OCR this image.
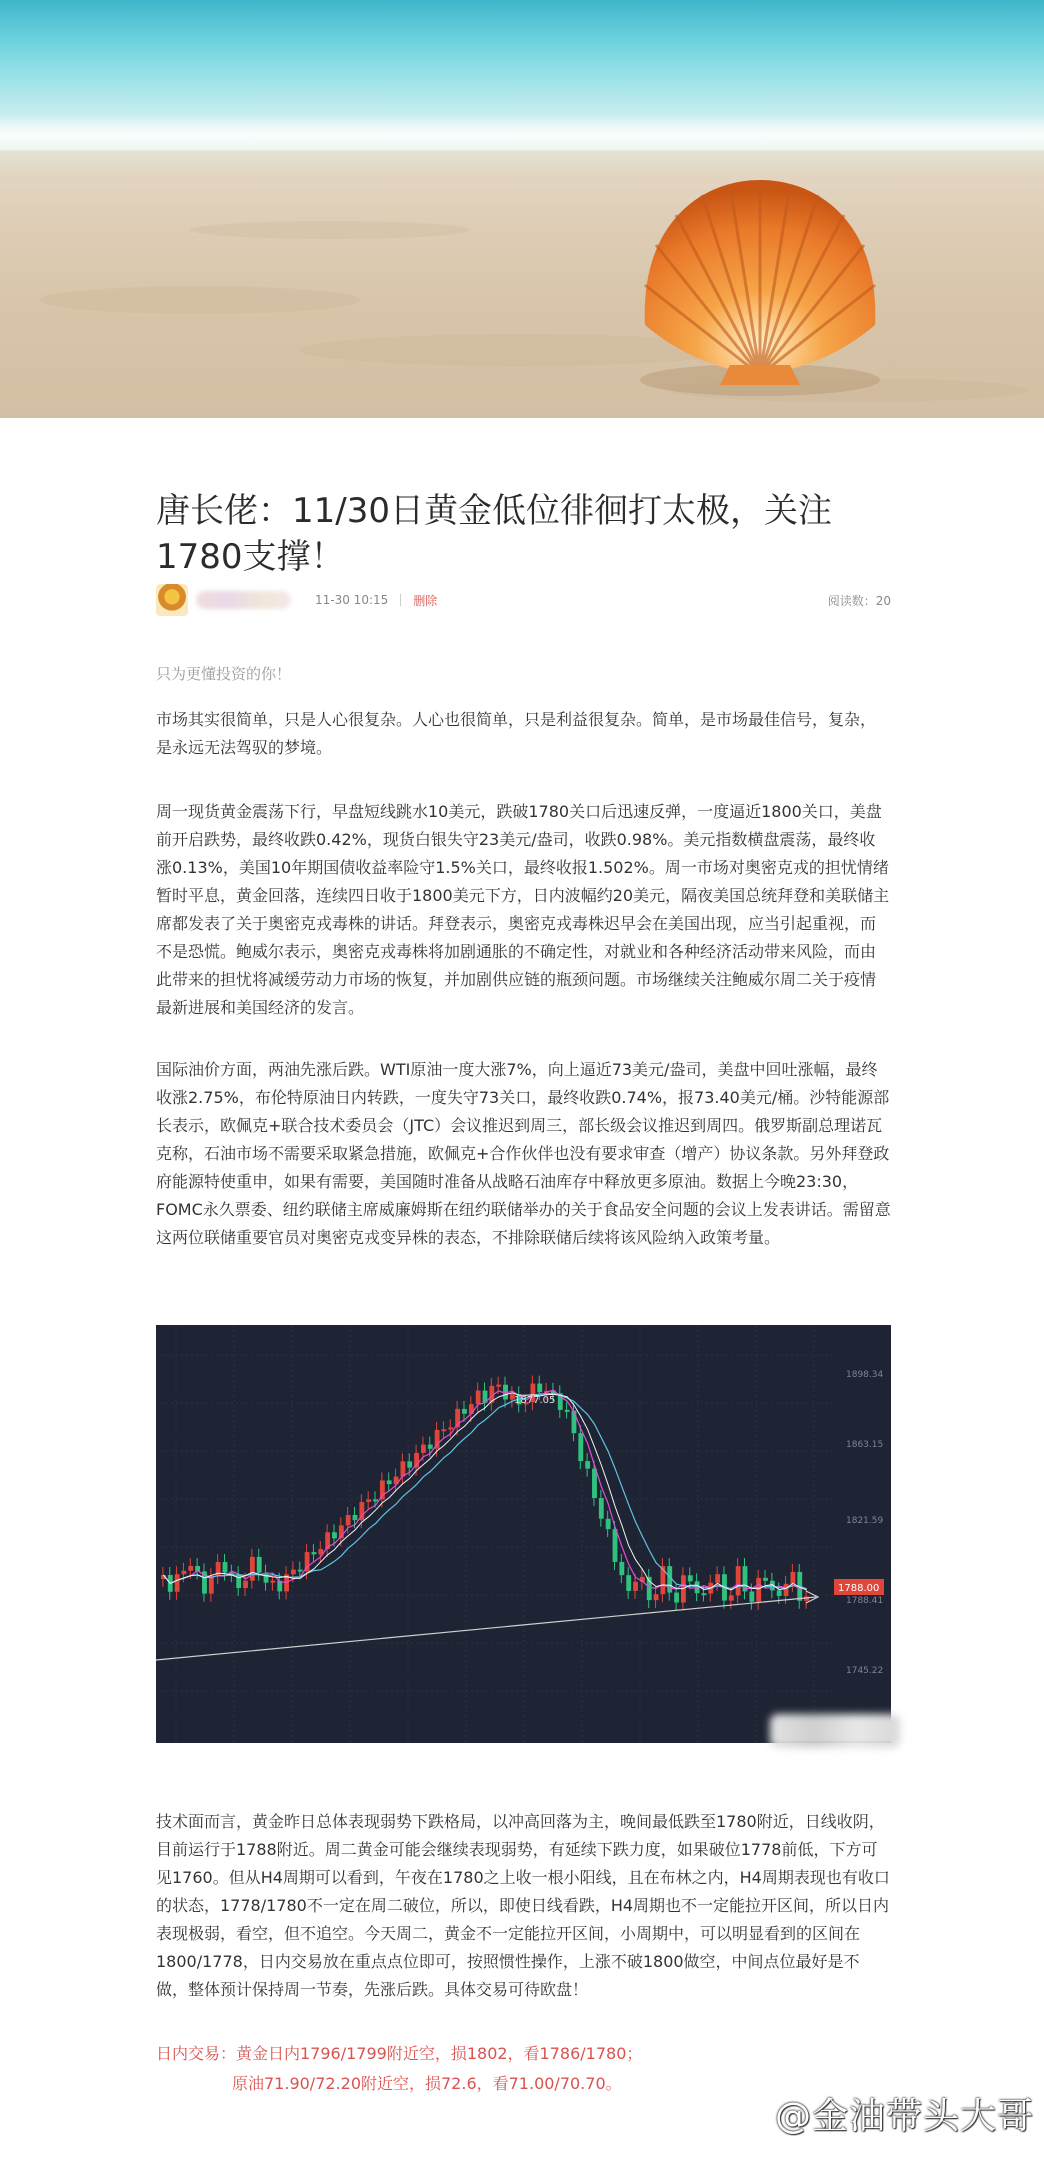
唐长佬：11/30日黄金低位徘徊打太极，关注1780支撑！
11-30 10:15 删除	阅读数：20

只为更懂投资的你！

市场其实很简单，只是人心很复杂。人心也很简单，只是利益很复杂。简单，是市场最佳信号，复杂，是永远无法驾驭的梦境。

周一现货黄金震荡下行，早盘短线跳水10美元，跌破1780关口后迅速反弹，一度逼近1800关口，美盘前开启跌势，最终收跌0.42%，现货白银失守23美元/盎司，收跌0.98%。美元指数横盘震荡，最终收涨0.13%，美国10年期国债收益率险守1.5%关口，最终收报1.502%。周一市场对奥密克戎的担忧情绪暂时平息，黄金回落，连续四日收于1800美元下方，日内波幅约20美元，隔夜美国总统拜登和美联储主席都发表了关于奥密克戎毒株的讲话。拜登表示，奥密克戎毒株迟早会在美国出现，应当引起重视，而不是恐慌。鲍威尔表示，奥密克戎毒株将加剧通胀的不确定性，对就业和各种经济活动带来风险，而由此带来的担忧将减缓劳动力市场的恢复，并加剧供应链的瓶颈问题。市场继续关注鲍威尔周二关于疫情最新进展和美国经济的发言。

国际油价方面，两油先涨后跌。WTI原油一度大涨7%，向上逼近73美元/盎司，美盘中回吐涨幅，最终收涨2.75%，布伦特原油日内转跌，一度失守73关口，最终收跌0.74%，报73.40美元/桶。沙特能源部长表示，欧佩克+联合技术委员会（JTC）会议推迟到周三，部长级会议推迟到周四。俄罗斯副总理诺瓦克称，石油市场不需要采取紧急措施，欧佩克+合作伙伴也没有要求审查（增产）协议条款。另外拜登政府能源特使重申，如果有需要，美国随时准备从战略石油库存中释放更多原油。数据上今晚23:30，FOMC永久票委、纽约联储主席威廉姆斯在纽约联储举办的关于食品安全问题的会议上发表讲话。需留意这两位联储重要官员对奥密克戎变异株的表态，不排除联储后续将该风险纳入政策考量。

1877.05
1788.00
1898.34
1863.15
1821.59
1788.41
1745.22

技术面而言，黄金昨日总体表现弱势下跌格局，以冲高回落为主，晚间最低跌至1780附近，日线收阴，目前运行于1788附近。周二黄金可能会继续表现弱势，有延续下跌力度，如果破位1778前低，下方可见1760。但从H4周期可以看到，午夜在1780之上收一根小阳线，且在布林之内，H4周期表现也有收口的状态，1778/1780不一定在周二破位，所以，即使日线看跌，H4周期也不一定能拉开区间，所以日内表现极弱，看空，但不追空。今天周二，黄金不一定能拉开区间，小周期中，可以明显看到的区间在1800/1778，日内交易放在重点点位即可，按照惯性操作，上涨不破1800做空，中间点位最好是不做，整体预计保持周一节奏，先涨后跌。具体交易可待欧盘！

日内交易：黄金日内1796/1799附近空，损1802，看1786/1780；

原油71.90/72.20附近空，损72.6，看71.00/70.70。

@金油带头大哥
